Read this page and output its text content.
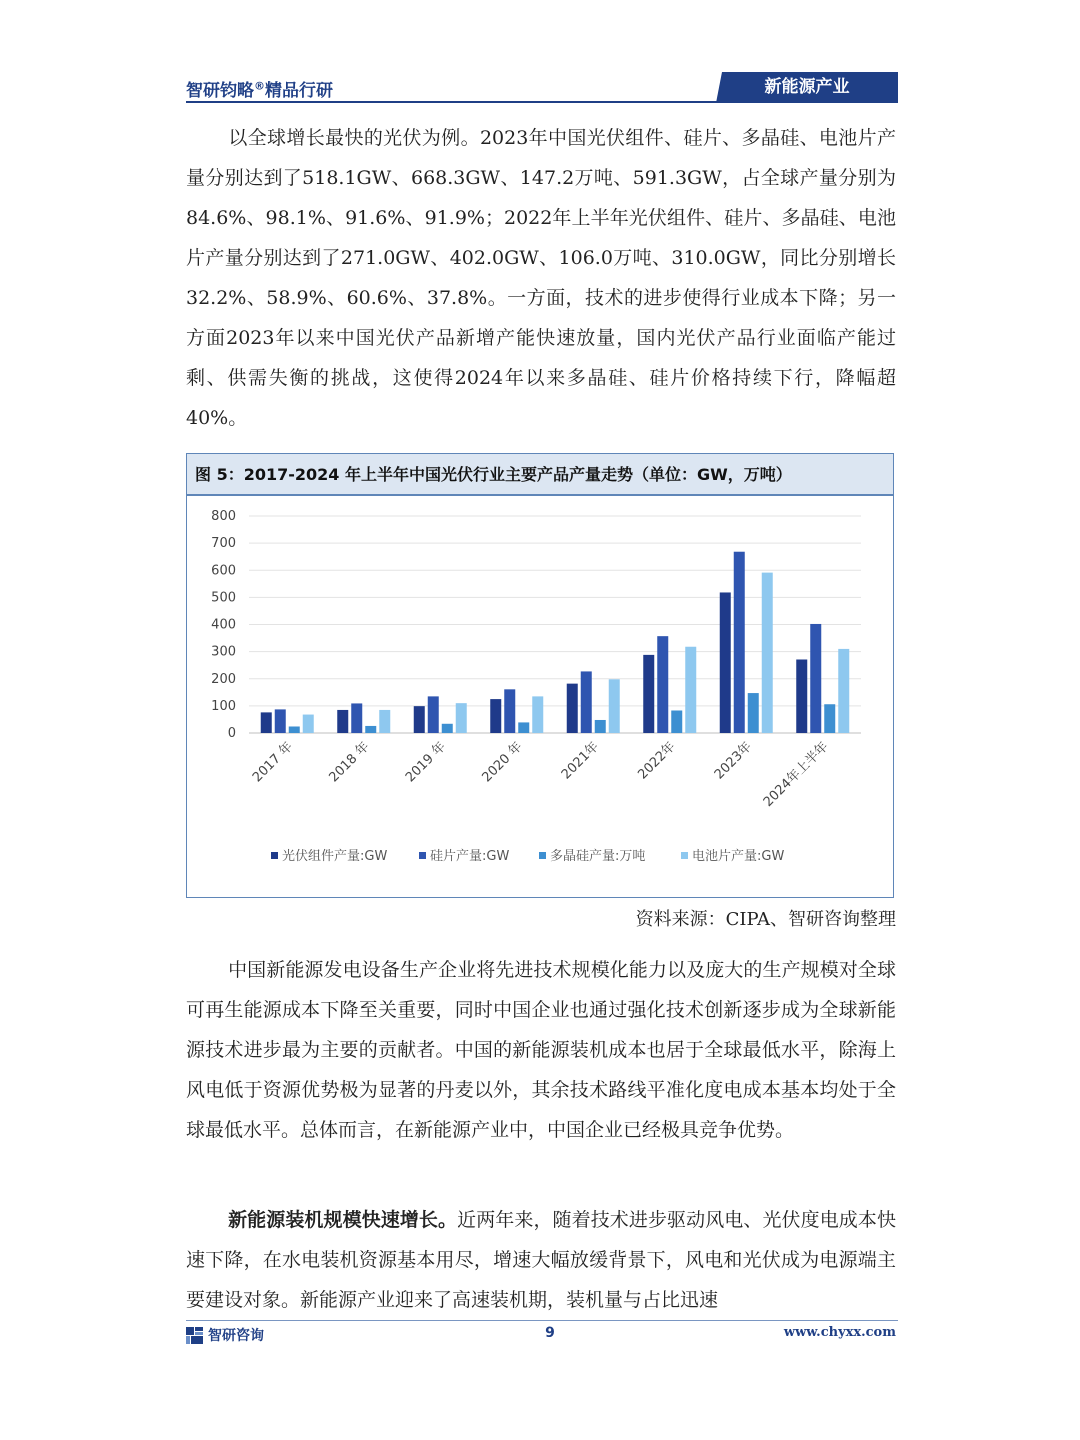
智研钧略®精品行研	新能源产业

以全球增长最快的光伏为例。2023年中国光伏组件、硅片、多晶硅、电池片产量分别达到了518.1GW、668.3GW、147.2万吨、591.3GW，占全球产量分别为84.6%、98.1%、91.6%、91.9%；2022年上半年光伏组件、硅片、多晶硅、电池片产量分别达到了271.0GW、402.0GW、106.0万吨、310.0GW，同比分别增长32.2%、58.9%、60.6%、37.8%。一方面，技术的进步使得行业成本下降；另一方面2023年以来中国光伏产品新增产能快速放量，国内光伏产品行业面临产能过剩、供需失衡的挑战，这使得2024年以来多晶硅、硅片价格持续下行，降幅超40%。

图 5：2017-2024 年上半年中国光伏行业主要产品产量走势（单位：GW，万吨）
0
100
200
300
400
500
600
700
800
2017 年 2018 年 2019 年 2020 年	2021年	2022年	2023年 2024年上半年
光伏组件产量:GW	硅片产量:GW	多晶硅产量:万吨	电池片产量:GW
资料来源：CIPA、智研咨询整理

中国新能源发电设备生产企业将先进技术规模化能力以及庞大的生产规模对全球可再生能源成本下降至关重要，同时中国企业也通过强化技术创新逐步成为全球新能源技术进步最为主要的贡献者。中国的新能源装机成本也居于全球最低水平，除海上风电低于资源优势极为显著的丹麦以外，其余技术路线平准化度电成本基本均处于全球最低水平。总体而言，在新能源产业中，中国企业已经极具竞争优势。

新能源装机规模快速增长。近两年来，随着技术进步驱动风电、光伏度电成本快速下降，在水电装机资源基本用尽，增速大幅放缓背景下，风电和光伏成为电源端主要建设对象。新能源产业迎来了高速装机期，装机量与占比迅速

智研咨询	9	www.chyxx.com
